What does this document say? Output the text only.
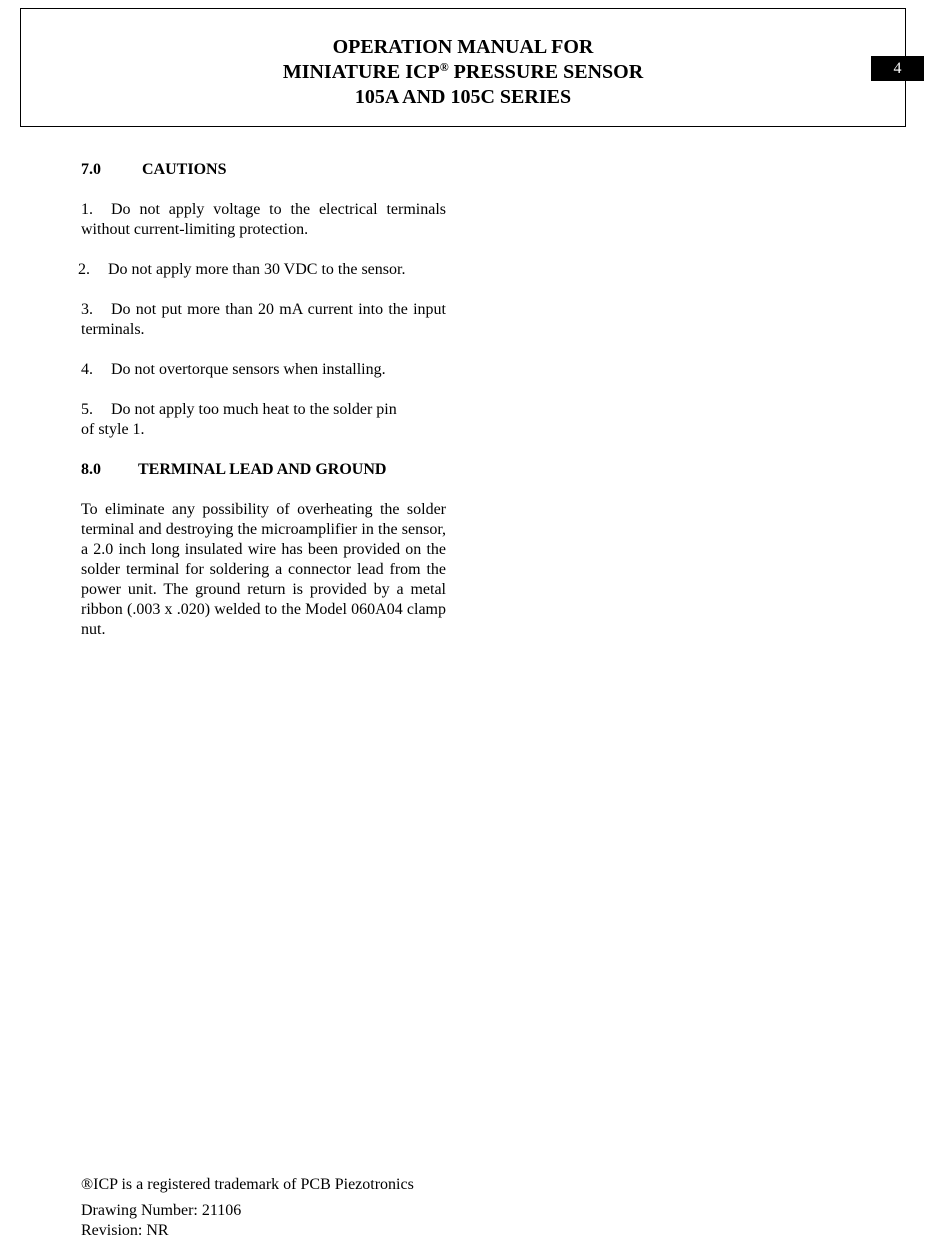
OPERATION MANUAL FOR
MINIATURE ICP® PRESSURE SENSOR
105A AND 105C SERIES
4

7.0	CAUTIONS

1. Do not apply voltage to the electrical terminals without current-limiting protection.

2. Do not apply more than 30 VDC to the sensor.

3. Do not put more than 20 mA current into the input terminals.

4. Do not overtorque sensors when installing.

5. Do not apply too much heat to the solder pin
of style 1.

8.0 TERMINAL LEAD AND GROUND

To eliminate any possibility of overheating the solder terminal and destroying the microamplifier in the sensor, a 2.0 inch long insulated wire has been provided on the solder terminal for soldering a connector lead from the power unit. The ground return is provided by a metal ribbon (.003 x .020) welded to the Model 060A04 clamp nut.

®ICP is a registered trademark of PCB Piezotronics
Drawing Number: 21106
Revision: NR
